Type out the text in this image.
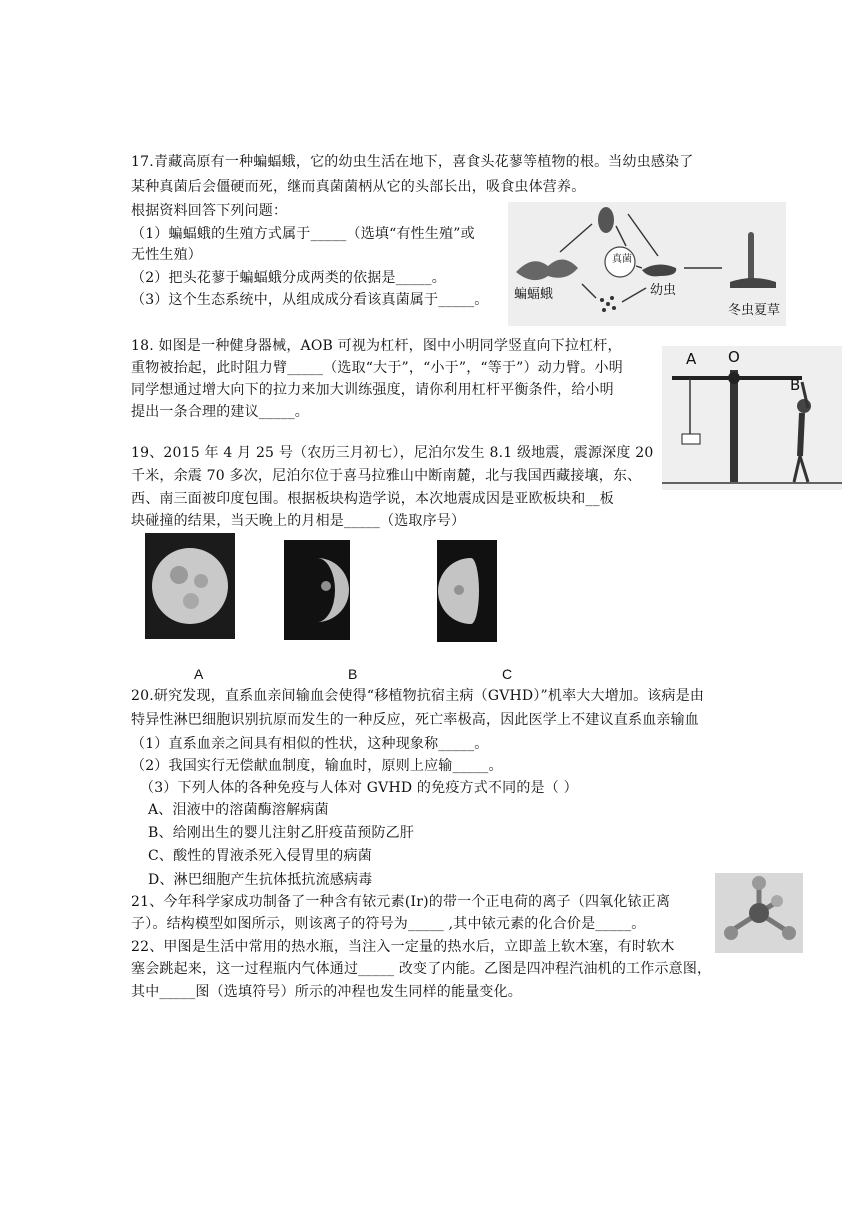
17.青藏高原有一种蝙蝠蛾，它的幼虫生活在地下，喜食头花蓼等植物的根。当幼虫感染了
某种真菌后会僵硬而死，继而真菌菌柄从它的头部长出，吸食虫体营养。
根据资料回答下列问题：
（1）蝙蝠蛾的生殖方式属于_____（选填“有性生殖”或
无性生殖）
（2）把头花蓼于蝙蝠蛾分成两类的依据是_____。
（3）这个生态系统中，从组成成分看该真菌属于_____。
真菌
蝙蝠蛾	幼虫
冬虫夏草
18. 如图是一种健身器械，AOB 可视为杠杆，图中小明同学竖直向下拉杠杆，
重物被抬起，此时阻力臂_____（选取“大于”，“小于”，“等于”）动力臂。小明
同学想通过增大向下的拉力来加大训练强度，请你利用杠杆平衡条件，给小明
提出一条合理的建议_____。
A O
B
19、2015 年 4 月 25 号（农历三月初七），尼泊尔发生 8.1 级地震，震源深度 20
千米，余震 70 多次，尼泊尔位于喜马拉雅山中断南麓，北与我国西藏接壤，东、
西、南三面被印度包围。根据板块构造学说，本次地震成因是亚欧板块和__板
块碰撞的结果，当天晚上的月相是_____（选取序号）
A	B	C
20.研究发现，直系血亲间输血会使得“移植物抗宿主病（GVHD）”机率大大增加。该病是由
特异性淋巴细胞识别抗原而发生的一种反应，死亡率极高，因此医学上不建议直系血亲输血
（1）直系血亲之间具有相似的性状，这种现象称_____。
（2）我国实行无偿献血制度，输血时，原则上应输_____。
（3）下列人体的各种免疫与人体对 GVHD 的免疫方式不同的是（ ）
A、泪液中的溶菌酶溶解病菌
B、给刚出生的婴儿注射乙肝疫苗预防乙肝
C、酸性的胃液杀死入侵胃里的病菌
D、淋巴细胞产生抗体抵抗流感病毒
21、今年科学家成功制备了一种含有铱元素(Ir)的带一个正电荷的离子（四氧化铱正离
子）。结构模型如图所示，则该离子的符号为_____ ,其中铱元素的化合价是_____。
22、甲图是生活中常用的热水瓶，当注入一定量的热水后，立即盖上软木塞，有时软木
塞会跳起来，这一过程瓶内气体通过_____ 改变了内能。乙图是四冲程汽油机的工作示意图，
其中_____图（选填符号）所示的冲程也发生同样的能量变化。
